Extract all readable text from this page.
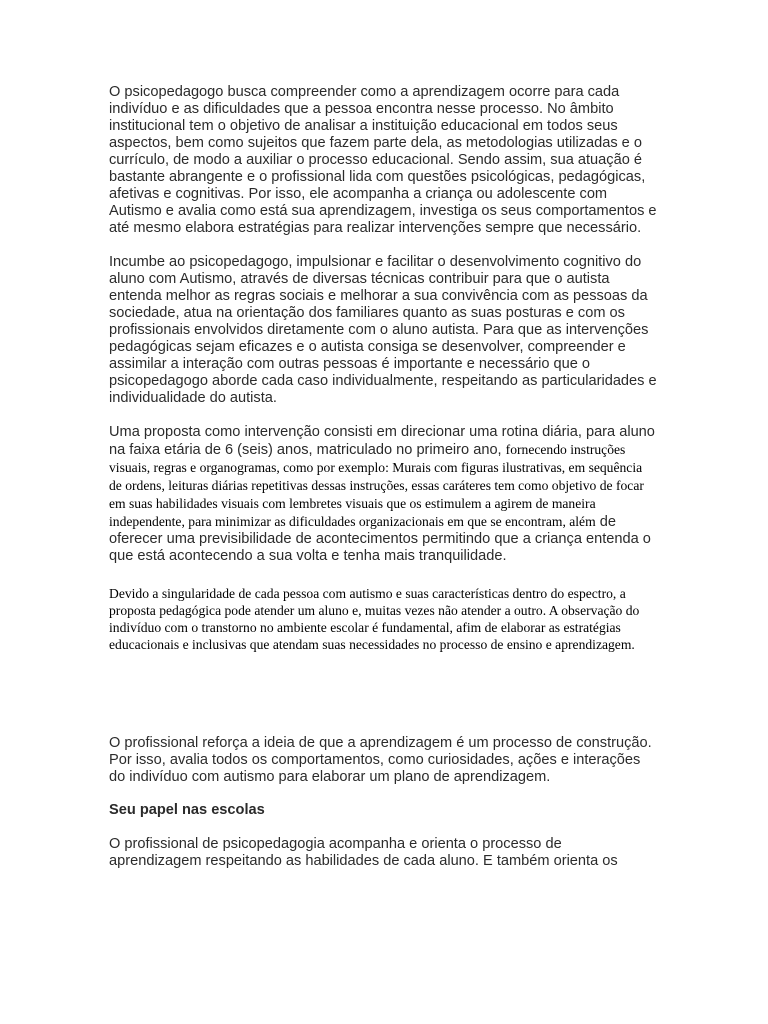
O psicopedagogo busca compreender como a aprendizagem ocorre para cada indivíduo e as dificuldades que a pessoa encontra nesse processo. No âmbito institucional tem o objetivo de analisar a instituição educacional em todos seus aspectos, bem como sujeitos que fazem parte dela, as metodologias utilizadas e o currículo, de modo a auxiliar o processo educacional. Sendo assim, sua atuação é bastante abrangente e o profissional lida com questões psicológicas, pedagógicas, afetivas e cognitivas. Por isso, ele acompanha a criança ou adolescente com Autismo e avalia como está sua aprendizagem, investiga os seus comportamentos e até mesmo elabora estratégias para realizar intervenções sempre que necessário.

Incumbe ao psicopedagogo, impulsionar e facilitar o desenvolvimento cognitivo do aluno com Autismo, através de diversas técnicas contribuir para que o autista entenda melhor as regras sociais e melhorar a sua convivência com as pessoas da sociedade, atua na orientação dos familiares quanto as suas posturas e com os profissionais envolvidos diretamente com o aluno autista. Para que as intervenções pedagógicas sejam eficazes e o autista consiga se desenvolver, compreender e assimilar a interação com outras pessoas é importante e necessário que o psicopedagogo aborde cada caso individualmente, respeitando as particularidades e individualidade do autista.

Uma proposta como intervenção consisti em direcionar uma rotina diária, para aluno na faixa etária de 6 (seis) anos, matriculado no primeiro ano, fornecendo instruções visuais, regras e organogramas, como por exemplo: Murais com figuras ilustrativas, em sequência de ordens, leituras diárias repetitivas dessas instruções, essas caráteres tem como objetivo de focar em suas habilidades visuais com lembretes visuais que os estimulem a agirem de maneira independente, para minimizar as dificuldades organizacionais em que se encontram, além de oferecer uma previsibilidade de acontecimentos permitindo que a criança entenda o que está acontecendo a sua volta e tenha mais tranquilidade.

Devido a singularidade de cada pessoa com autismo e suas características dentro do espectro, a proposta pedagógica pode atender um aluno e, muitas vezes não atender a outro. A observação do indivíduo com o transtorno no ambiente escolar é fundamental, afim de elaborar as estratégias educacionais e inclusivas que atendam suas necessidades no processo de ensino e aprendizagem.

O profissional reforça a ideia de que a aprendizagem é um processo de construção. Por isso, avalia todos os comportamentos, como curiosidades, ações e interações do indivíduo com autismo para elaborar um plano de aprendizagem.

Seu papel nas escolas

O profissional de psicopedagogia acompanha e orienta o processo de aprendizagem respeitando as habilidades de cada aluno. E também orienta os
